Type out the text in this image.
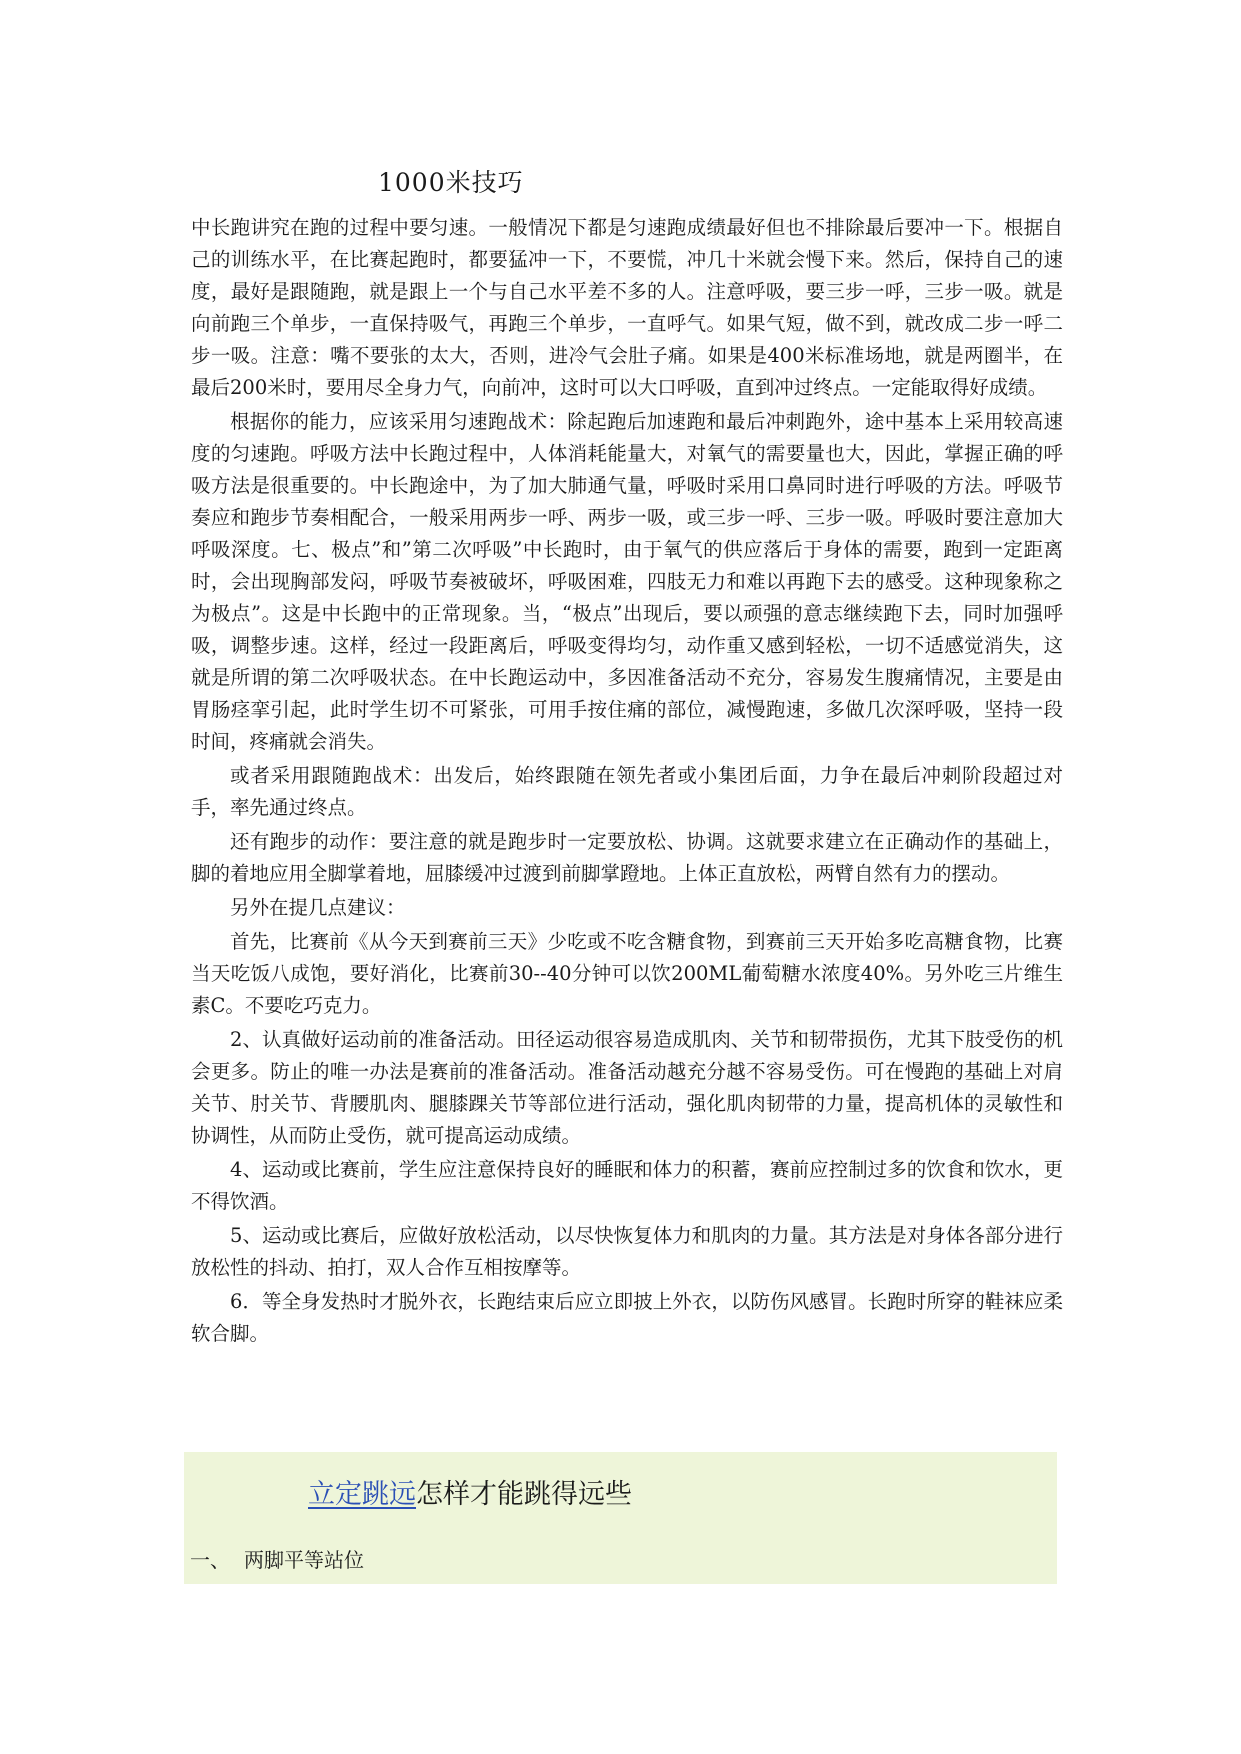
1000米技巧

中长跑讲究在跑的过程中要匀速。一般情况下都是匀速跑成绩最好但也不排除最后要冲一下。根据自己的训练水平，在比赛起跑时，都要猛冲一下，不要慌，冲几十米就会慢下来。然后，保持自己的速度，最好是跟随跑，就是跟上一个与自己水平差不多的人。注意呼吸，要三步一呼，三步一吸。就是向前跑三个单步，一直保持吸气，再跑三个单步，一直呼气。如果气短，做不到，就改成二步一呼二步一吸。注意：嘴不要张的太大，否则，进冷气会肚子痛。如果是400米标准场地，就是两圈半，在最后200米时，要用尽全身力气，向前冲，这时可以大口呼吸，直到冲过终点。一定能取得好成绩。

根据你的能力，应该采用匀速跑战术：除起跑后加速跑和最后冲刺跑外，途中基本上采用较高速度的匀速跑。呼吸方法中长跑过程中，人体消耗能量大，对氧气的需要量也大，因此，掌握正确的呼吸方法是很重要的。中长跑途中，为了加大肺通气量，呼吸时采用口鼻同时进行呼吸的方法。呼吸节奏应和跑步节奏相配合，一般采用两步一呼、两步一吸，或三步一呼、三步一吸。呼吸时要注意加大呼吸深度。七、极点”和”第二次呼吸”中长跑时，由于氧气的供应落后于身体的需要，跑到一定距离时，会出现胸部发闷，呼吸节奏被破坏，呼吸困难，四肢无力和难以再跑下去的感受。这种现象称之为极点”。这是中长跑中的正常现象。当，“极点”出现后，要以顽强的意志继续跑下去，同时加强呼吸，调整步速。这样，经过一段距离后，呼吸变得均匀，动作重又感到轻松，一切不适感觉消失，这就是所谓的第二次呼吸状态。在中长跑运动中，多因准备活动不充分，容易发生腹痛情况，主要是由胃肠痉挛引起，此时学生切不可紧张，可用手按住痛的部位，减慢跑速，多做几次深呼吸，坚持一段时间，疼痛就会消失。

或者采用跟随跑战术：出发后，始终跟随在领先者或小集团后面，力争在最后冲刺阶段超过对手，率先通过终点。

还有跑步的动作：要注意的就是跑步时一定要放松、协调。这就要求建立在正确动作的基础上，脚的着地应用全脚掌着地，屈膝缓冲过渡到前脚掌蹬地。上体正直放松，两臂自然有力的摆动。

另外在提几点建议：

首先，比赛前《从今天到赛前三天》少吃或不吃含糖食物，到赛前三天开始多吃高糖食物，比赛当天吃饭八成饱，要好消化，比赛前30--40分钟可以饮200ML葡萄糖水浓度40%。另外吃三片维生素C。不要吃巧克力。

2、认真做好运动前的准备活动。田径运动很容易造成肌肉、关节和韧带损伤，尤其下肢受伤的机会更多。防止的唯一办法是赛前的准备活动。准备活动越充分越不容易受伤。可在慢跑的基础上对肩关节、肘关节、背腰肌肉、腿膝踝关节等部位进行活动，强化肌肉韧带的力量，提高机体的灵敏性和协调性，从而防止受伤，就可提高运动成绩。

4、运动或比赛前，学生应注意保持良好的睡眠和体力的积蓄，赛前应控制过多的饮食和饮水，更不得饮酒。

5、运动或比赛后，应做好放松活动，以尽快恢复体力和肌肉的力量。其方法是对身体各部分进行放松性的抖动、拍打，双人合作互相按摩等。

6．等全身发热时才脱外衣，长跑结束后应立即披上外衣，以防伤风感冒。长跑时所穿的鞋袜应柔软合脚。

立定跳远怎样才能跳得远些
一、 两脚平等站位
